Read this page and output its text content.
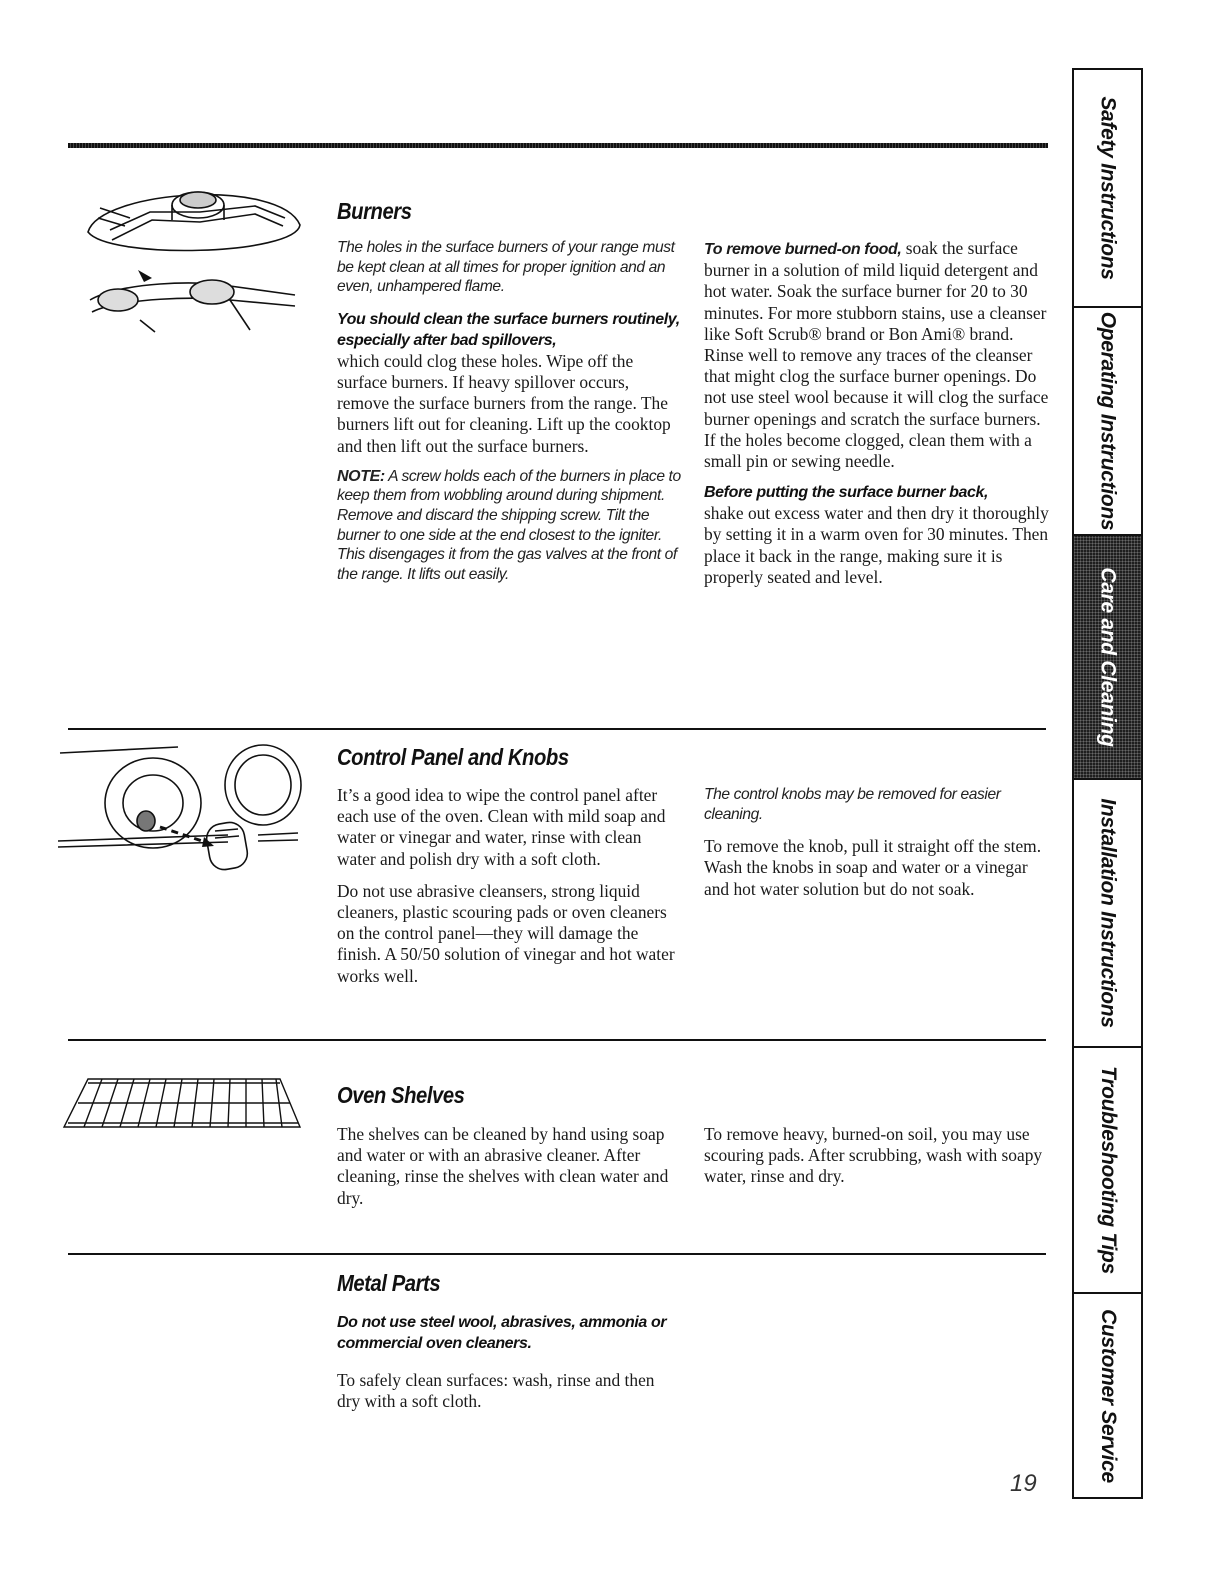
Burners
The holes in the surface burners of your range must be kept clean at all times for proper ignition and an even, unhampered flame.
You should clean the surface burners routinely, especially after bad spillovers,
which could clog these holes. Wipe off the surface burners. If heavy spillover occurs, remove the surface burners from the range. The burners lift out for cleaning. Lift up the cooktop and then lift out the surface burners.
NOTE: A screw holds each of the burners in place to keep them from wobbling around during shipment. Remove and discard the shipping screw. Tilt the burner to one side at the end closest to the igniter. This disengages it from the gas valves at the front of the range. It lifts out easily.
To remove burned-on food, soak the surface burner in a solution of mild liquid detergent and hot water. Soak the surface burner for 20 to 30 minutes. For more stubborn stains, use a cleanser like Soft Scrub® brand or Bon Ami® brand. Rinse well to remove any traces of the cleanser that might clog the surface burner openings. Do not use steel wool because it will clog the surface burner openings and scratch the surface burners. If the holes become clogged, clean them with a small pin or sewing needle.
Before putting the surface burner back,
shake out excess water and then dry it thoroughly by setting it in a warm oven for 30 minutes. Then place it back in the range, making sure it is properly seated and level.
Control Panel and Knobs

It’s a good idea to wipe the control panel after each use of the oven. Clean with mild soap and water or vinegar and water, rinse with clean water and polish dry with a soft cloth.

Do not use abrasive cleansers, strong liquid cleaners, plastic scouring pads or oven cleaners on the control panel—they will damage the finish. A 50/50 solution of vinegar and hot water works well.

The control knobs may be removed for easier cleaning.
To remove the knob, pull it straight off the stem. Wash the knobs in soap and water or a vinegar and hot water solution but do not soak.
Oven Shelves
The shelves can be cleaned by hand using soap and water or with an abrasive cleaner. After cleaning, rinse the shelves with clean water and dry.
To remove heavy, burned-on soil, you may use scouring pads. After scrubbing, wash with soapy water, rinse and dry.
Metal Parts
Do not use steel wool, abrasives, ammonia or commercial oven cleaners.
To safely clean surfaces: wash, rinse and then dry with a soft cloth.
19
Safety Instructions
Operating Instructions
Care and Cleaning
Installation Instructions
Troubleshooting Tips
Customer Service
